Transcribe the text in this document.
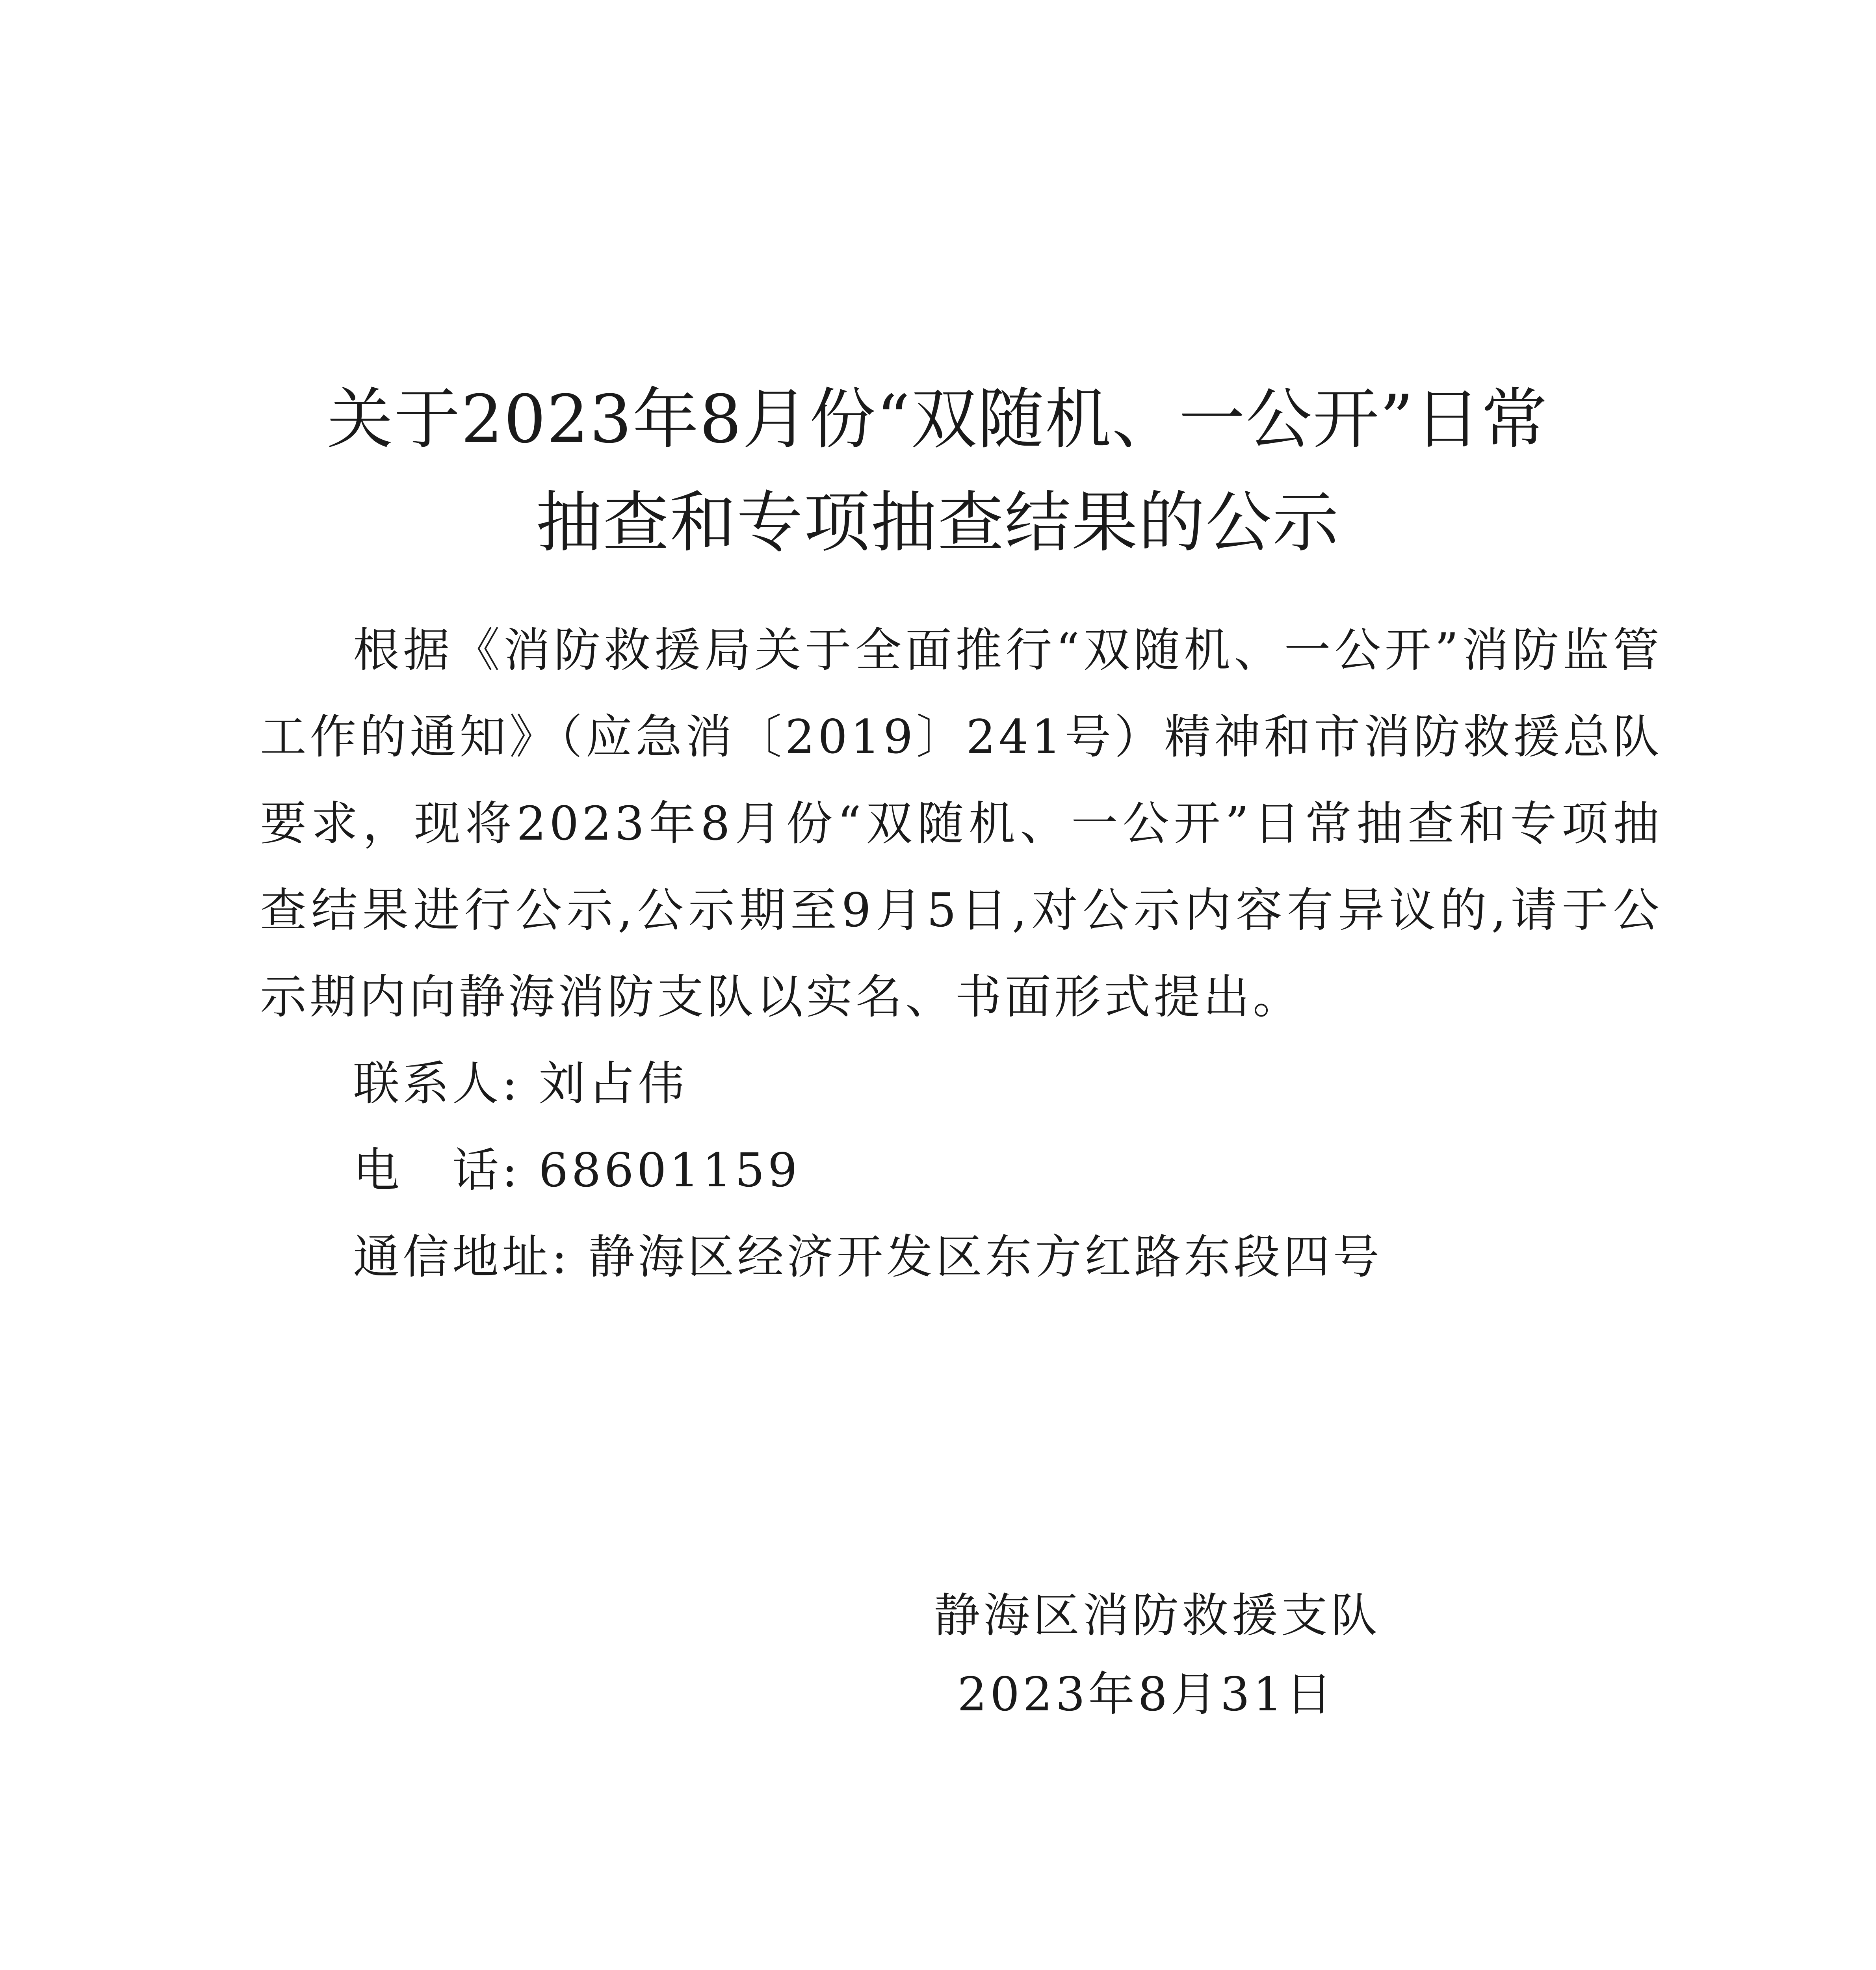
关于2023年8月份“双随机、一公开”日常
抽查和专项抽查结果的公示

根据《消防救援局关于全面推行“双随机、一公开”消防监管工作的通知》（应急消〔2019〕241号）精神和市消防救援总队要求，现将2023年8月份“双随机、一公开”日常抽查和专项抽查结果进行公示,公示期至9月5日,对公示内容有异议的,请于公示期内向静海消防支队以实名、书面形式提出。

联系人: 刘占伟

电　话: 68601159

通信地址: 静海区经济开发区东方红路东段四号

静海区消防救援支队
2023年8月31日
